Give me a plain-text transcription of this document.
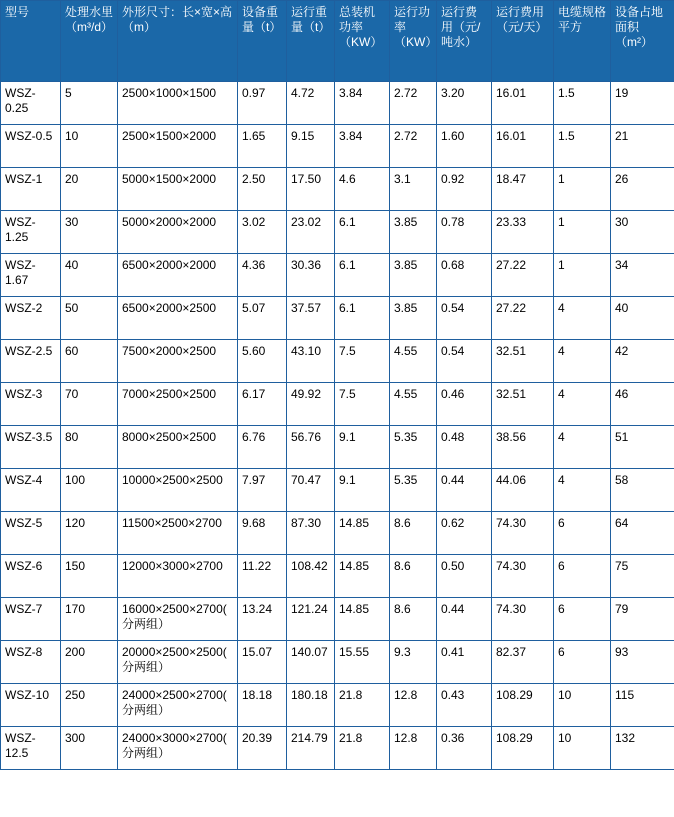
型号	处理水里（m³/d）	外形尺寸：长×宽×高（m）	设备重量（t）	运行重量（t）	总装机功率（KW）	运行功率（KW）	运行费用（元/吨水）	运行费用（元/天）	电缆规格平方	设备占地面积（m²）
WSZ-0.25	5	2500×1000×1500	0.97	4.72	3.84	2.72	3.20	16.01	1.5	19
WSZ-0.5	10	2500×1500×2000	1.65	9.15	3.84	2.72	1.60	16.01	1.5	21
WSZ-1	20	5000×1500×2000	2.50	17.50	4.6	3.1	0.92	18.47	1	26
WSZ-1.25	30	5000×2000×2000	3.02	23.02	6.1	3.85	0.78	23.33	1	30
WSZ-1.67	40	6500×2000×2000	4.36	30.36	6.1	3.85	0.68	27.22	1	34
WSZ-2	50	6500×2000×2500	5.07	37.57	6.1	3.85	0.54	27.22	4	40
WSZ-2.5	60	7500×2000×2500	5.60	43.10	7.5	4.55	0.54	32.51	4	42
WSZ-3	70	7000×2500×2500	6.17	49.92	7.5	4.55	0.46	32.51	4	46
WSZ-3.5	80	8000×2500×2500	6.76	56.76	9.1	5.35	0.48	38.56	4	51
WSZ-4	100	10000×2500×2500	7.97	70.47	9.1	5.35	0.44	44.06	4	58
WSZ-5	120	11500×2500×2700	9.68	87.30	14.85	8.6	0.62	74.30	6	64
WSZ-6	150	12000×3000×2700	11.22	108.42	14.85	8.6	0.50	74.30	6	75
WSZ-7	170	16000×2500×2700(分两组）	13.24	121.24	14.85	8.6	0.44	74.30	6	79
WSZ-8	200	20000×2500×2500(分两组）	15.07	140.07	15.55	9.3	0.41	82.37	6	93
WSZ-10	250	24000×2500×2700(分两组）	18.18	180.18	21.8	12.8	0.43	108.29	10	115
WSZ-12.5	300	24000×3000×2700(分两组）	20.39	214.79	21.8	12.8	0.36	108.29	10	132
